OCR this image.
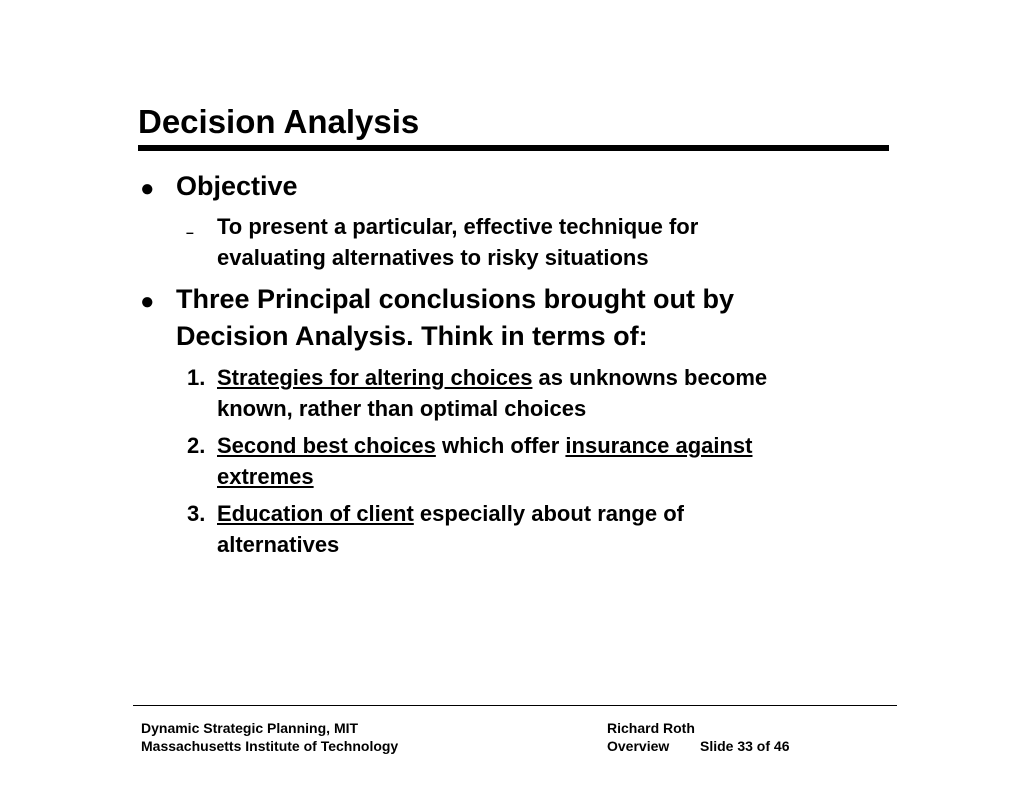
Decision Analysis
● Objective
– To present a particular, effective technique for
evaluating alternatives to risky situations
● Three Principal conclusions brought out by
Decision Analysis. Think in terms of:
1. Strategies for altering choices as unknowns become
known, rather than optimal choices
2. Second best choices which offer insurance against
extremes
3. Education of client especially about range of
alternatives
Dynamic Strategic Planning, MIT
Massachusetts Institute of Technology
Richard Roth
Overview Slide 33 of 46
